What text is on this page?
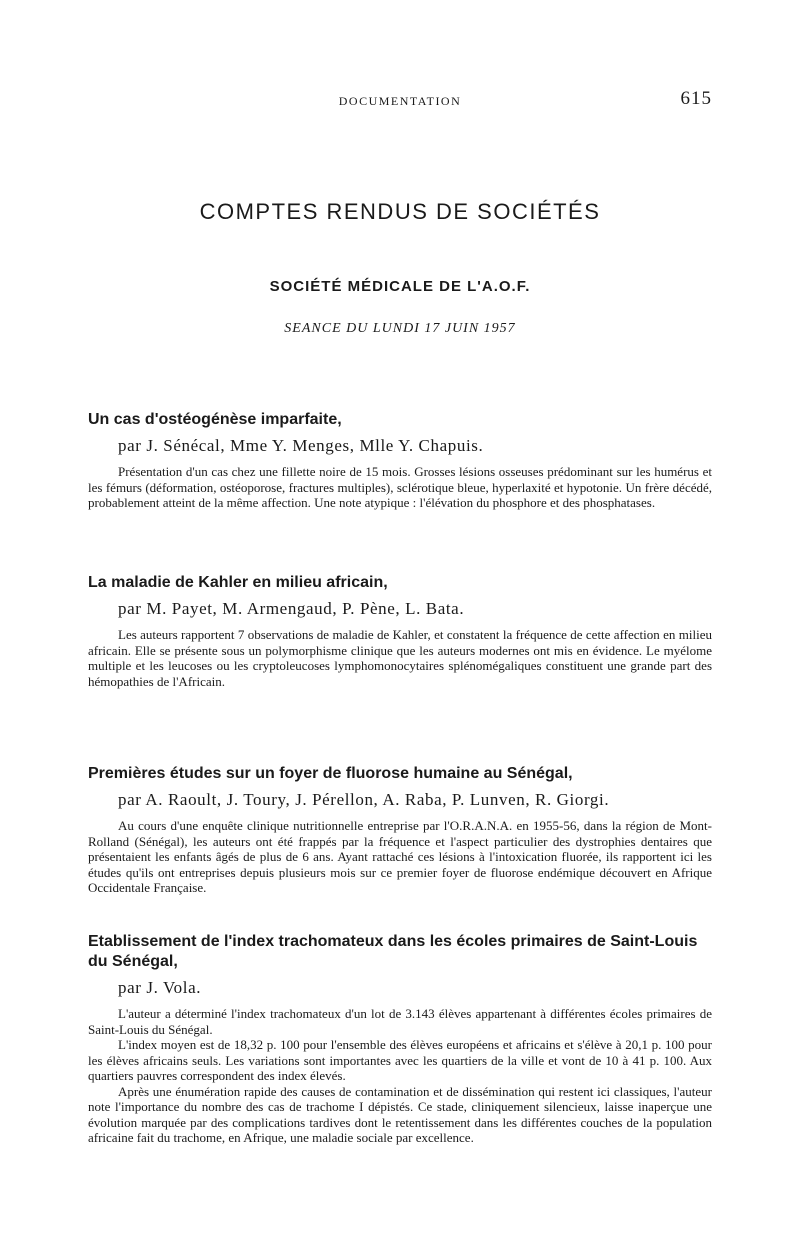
DOCUMENTATION	615
COMPTES RENDUS DE SOCIÉTÉS
SOCIÉTÉ MÉDICALE DE L'A.O.F.
SEANCE DU LUNDI 17 JUIN 1957
Un cas d'ostéogénèse imparfaite,
par J. Sénécal, Mme Y. Menges, Mlle Y. Chapuis.

Présentation d'un cas chez une fillette noire de 15 mois. Grosses lésions osseuses prédominant sur les humérus et les fémurs (déformation, ostéoporose, fractures multiples), sclérotique bleue, hyperlaxité et hypotonie. Un frère décédé, probablement atteint de la même affection. Une note atypique : l'élévation du phosphore et des phosphatases.

La maladie de Kahler en milieu africain,
par M. Payet, M. Armengaud, P. Pène, L. Bata.

Les auteurs rapportent 7 observations de maladie de Kahler, et constatent la fréquence de cette affection en milieu africain. Elle se présente sous un polymorphisme clinique que les auteurs modernes ont mis en évidence. Le myélome multiple et les leucoses ou les cryptoleucoses lymphomonocytaires splénomégaliques constituent une grande part des hémopathies de l'Africain.

Premières études sur un foyer de fluorose humaine au Sénégal,
par A. Raoult, J. Toury, J. Pérellon, A. Raba, P. Lunven, R. Giorgi.

Au cours d'une enquête clinique nutritionnelle entreprise par l'O.R.A.N.A. en 1955-56, dans la région de Mont-Rolland (Sénégal), les auteurs ont été frappés par la fréquence et l'aspect particulier des dystrophies dentaires que présentaient les enfants âgés de plus de 6 ans. Ayant rattaché ces lésions à l'intoxication fluorée, ils rapportent ici les études qu'ils ont entreprises depuis plusieurs mois sur ce premier foyer de fluorose endémique découvert en Afrique Occidentale Française.

Etablissement de l'index trachomateux dans les écoles primaires de Saint-Louis du Sénégal,
par J. Vola.

L'auteur a déterminé l'index trachomateux d'un lot de 3.143 élèves appartenant à différentes écoles primaires de Saint-Louis du Sénégal.

L'index moyen est de 18,32 p. 100 pour l'ensemble des élèves européens et africains et s'élève à 20,1 p. 100 pour les élèves africains seuls. Les variations sont importantes avec les quartiers de la ville et vont de 10 à 41 p. 100. Aux quartiers pauvres correspondent des index élevés.

Après une énumération rapide des causes de contamination et de dissémination qui restent ici classiques, l'auteur note l'importance du nombre des cas de trachome I dépistés. Ce stade, cliniquement silencieux, laisse inaperçue une évolution marquée par des complications tardives dont le retentissement dans les différentes couches de la population africaine fait du trachome, en Afrique, une maladie sociale par excellence.
